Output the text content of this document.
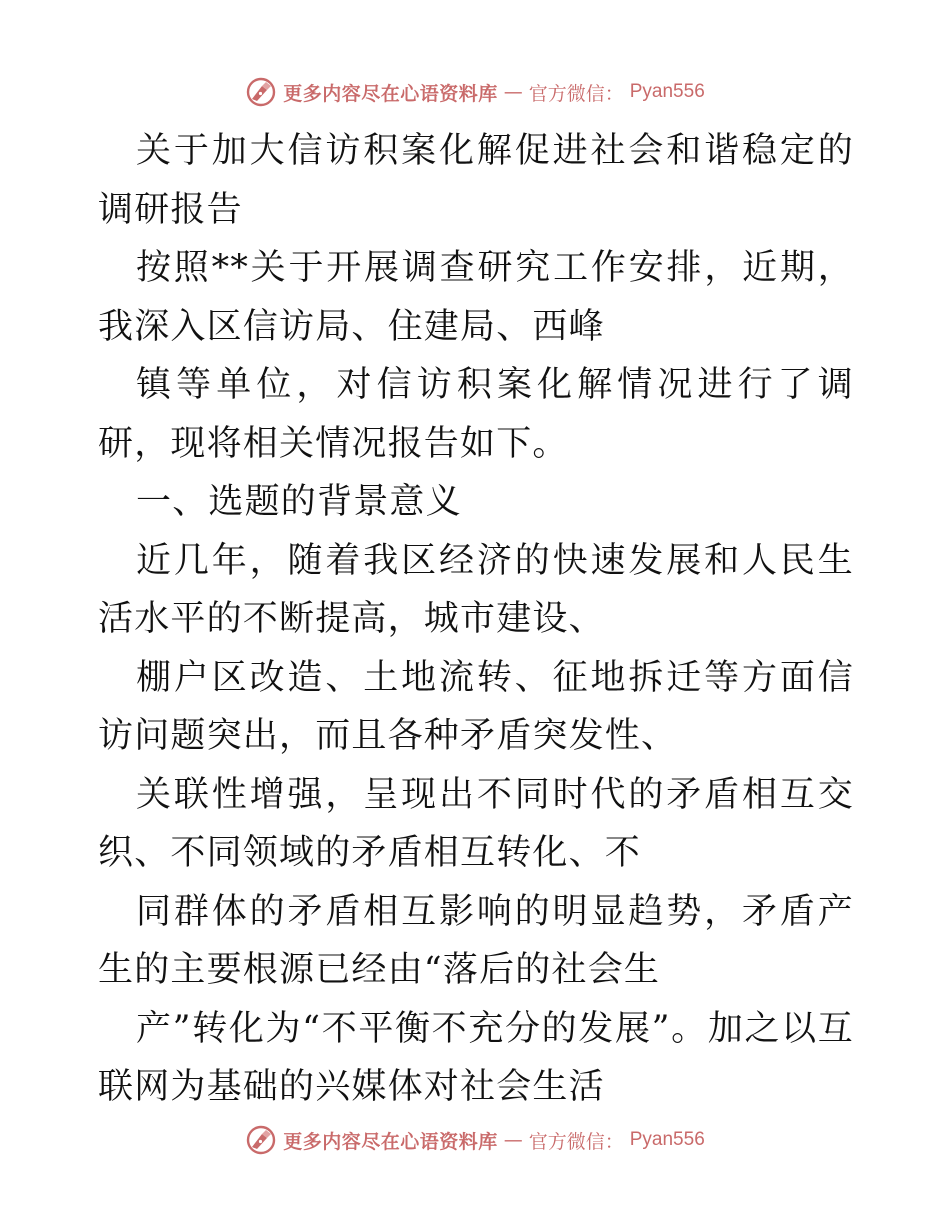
更多内容尽在心语资料库 — 官方微信： Pyan556

关于加大信访积案化解促进社会和谐稳定的调研报告

按照**关于开展调查研究工作安排，近期，我深入区信访局、住建局、西峰

镇等单位，对信访积案化解情况进行了调研，现将相关情况报告如下。

一、选题的背景意义

近几年，随着我区经济的快速发展和人民生活水平的不断提高，城市建设、

棚户区改造、土地流转、征地拆迁等方面信访问题突出，而且各种矛盾突发性、

关联性增强，呈现出不同时代的矛盾相互交织、不同领域的矛盾相互转化、不

同群体的矛盾相互影响的明显趋势，矛盾产生的主要根源已经由“落后的社会生

产”转化为“不平衡不充分的发展”。加之以互联网为基础的兴媒体对社会生活

更多内容尽在心语资料库 — 官方微信： Pyan556
